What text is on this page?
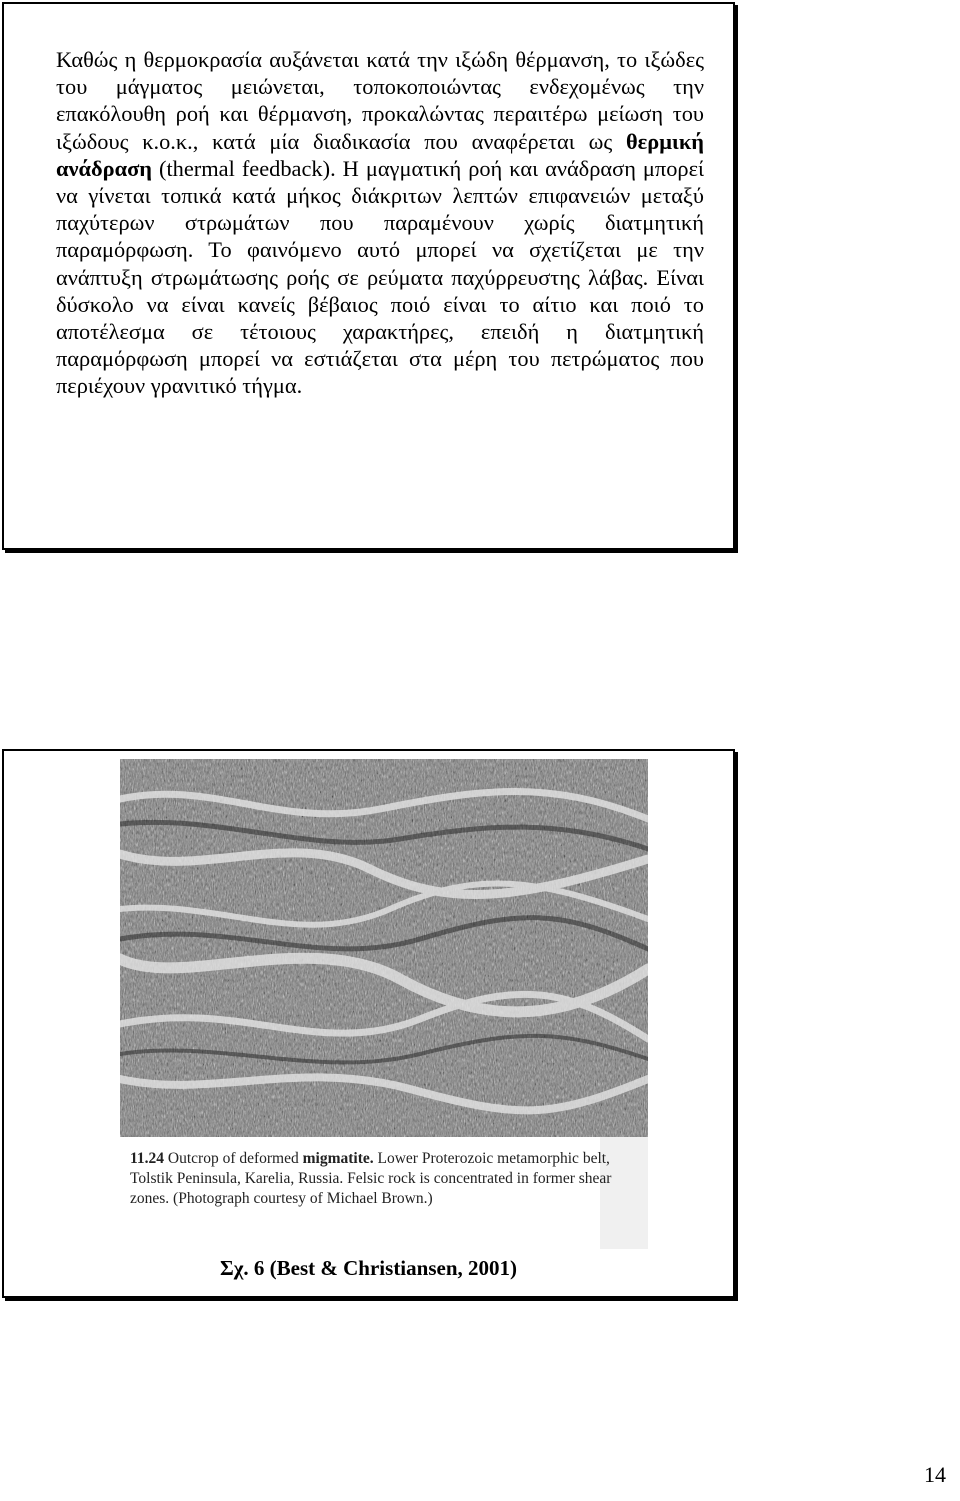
Καθώς η θερμοκρασία αυξάνεται κατά την ιξώδη θέρμανση, το ιξώδες του μάγματος μειώνεται, τοποκοποιώντας ενδεχομένως την επακόλουθη ροή και θέρμανση, προκαλώντας περαιτέρω μείωση του ιξώδους κ.ο.κ., κατά μία διαδικασία που αναφέρεται ως θερμική ανάδραση (thermal feedback). Η μαγματική ροή και ανάδραση μπορεί να γίνεται τοπικά κατά μήκος διάκριτων λεπτών επιφανειών μεταξύ παχύτερων στρωμάτων που παραμένουν χωρίς διατμητική παραμόρφωση. Το φαινόμενο αυτό μπορεί να σχετίζεται με την ανάπτυξη στρωμάτωσης ροής σε ρεύματα παχύρρευστης λάβας. Είναι δύσκολο να είναι κανείς βέβαιος ποιό είναι το αίτιο και ποιό το αποτέλεσμα σε τέτοιους χαρακτήρες, επειδή η διατμητική παραμόρφωση μπορεί να εστιάζεται στα μέρη του πετρώματος που περιέχουν γρανιτικό τήγμα.
11.24 Outcrop of deformed migmatite. Lower Proterozoic metamorphic belt, Tolstik Peninsula, Karelia, Russia. Felsic rock is concentrated in former shear zones. (Photograph courtesy of Michael Brown.)
Σχ. 6 (Best & Christiansen, 2001)
14
